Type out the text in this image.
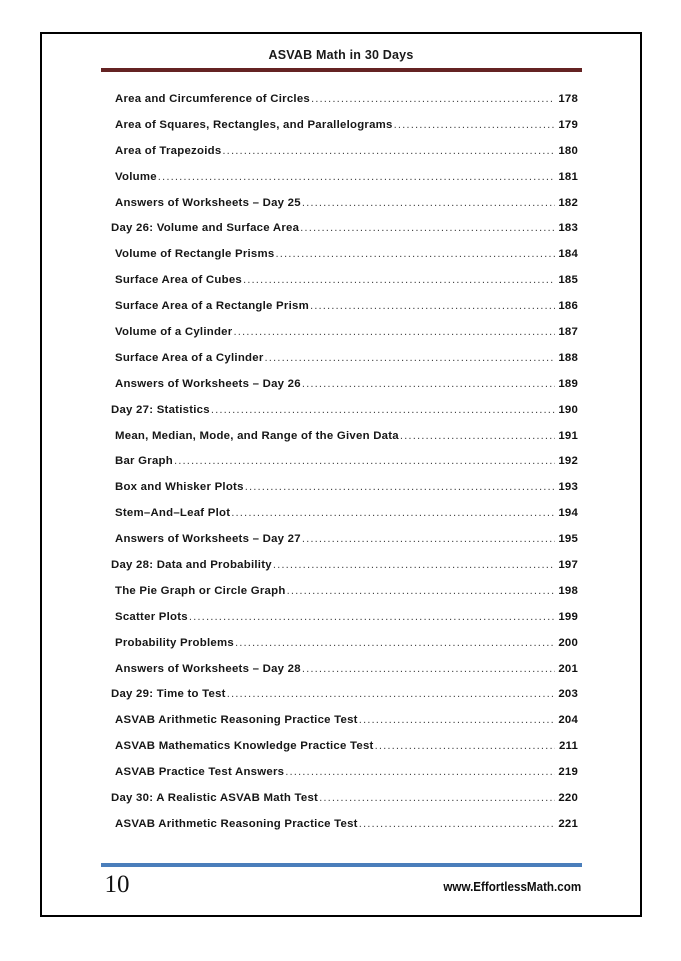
ASVAB Math in 30 Days
Area and Circumference of Circles .....	178
Area of Squares, Rectangles, and Parallelograms .....	179
Area of Trapezoids .....	180
Volume .....	181
Answers of Worksheets – Day 25 .....	182
Day 26: Volume and Surface Area .....	183
Volume of Rectangle Prisms .....	184
Surface Area of Cubes .....	185
Surface Area of a Rectangle Prism .....	186
Volume of a Cylinder .....	187
Surface Area of a Cylinder .....	188
Answers of Worksheets – Day 26 .....	189
Day 27: Statistics .....	190
Mean, Median, Mode, and Range of the Given Data .....	191
Bar Graph .....	192
Box and Whisker Plots .....	193
Stem–And–Leaf Plot .....	194
Answers of Worksheets – Day 27 .....	195
Day 28: Data and Probability .....	197
The Pie Graph or Circle Graph .....	198
Scatter Plots .....	199
Probability Problems .....	200
Answers of Worksheets – Day 28 .....	201
Day 29: Time to Test .....	203
ASVAB Arithmetic Reasoning Practice Test .....	204
ASVAB Mathematics Knowledge Practice Test .....	211
ASVAB Practice Test Answers .....	219
Day 30: A Realistic ASVAB Math Test .....	220
ASVAB Arithmetic Reasoning Practice Test .....	221
10	www.EffortlessMath.com
